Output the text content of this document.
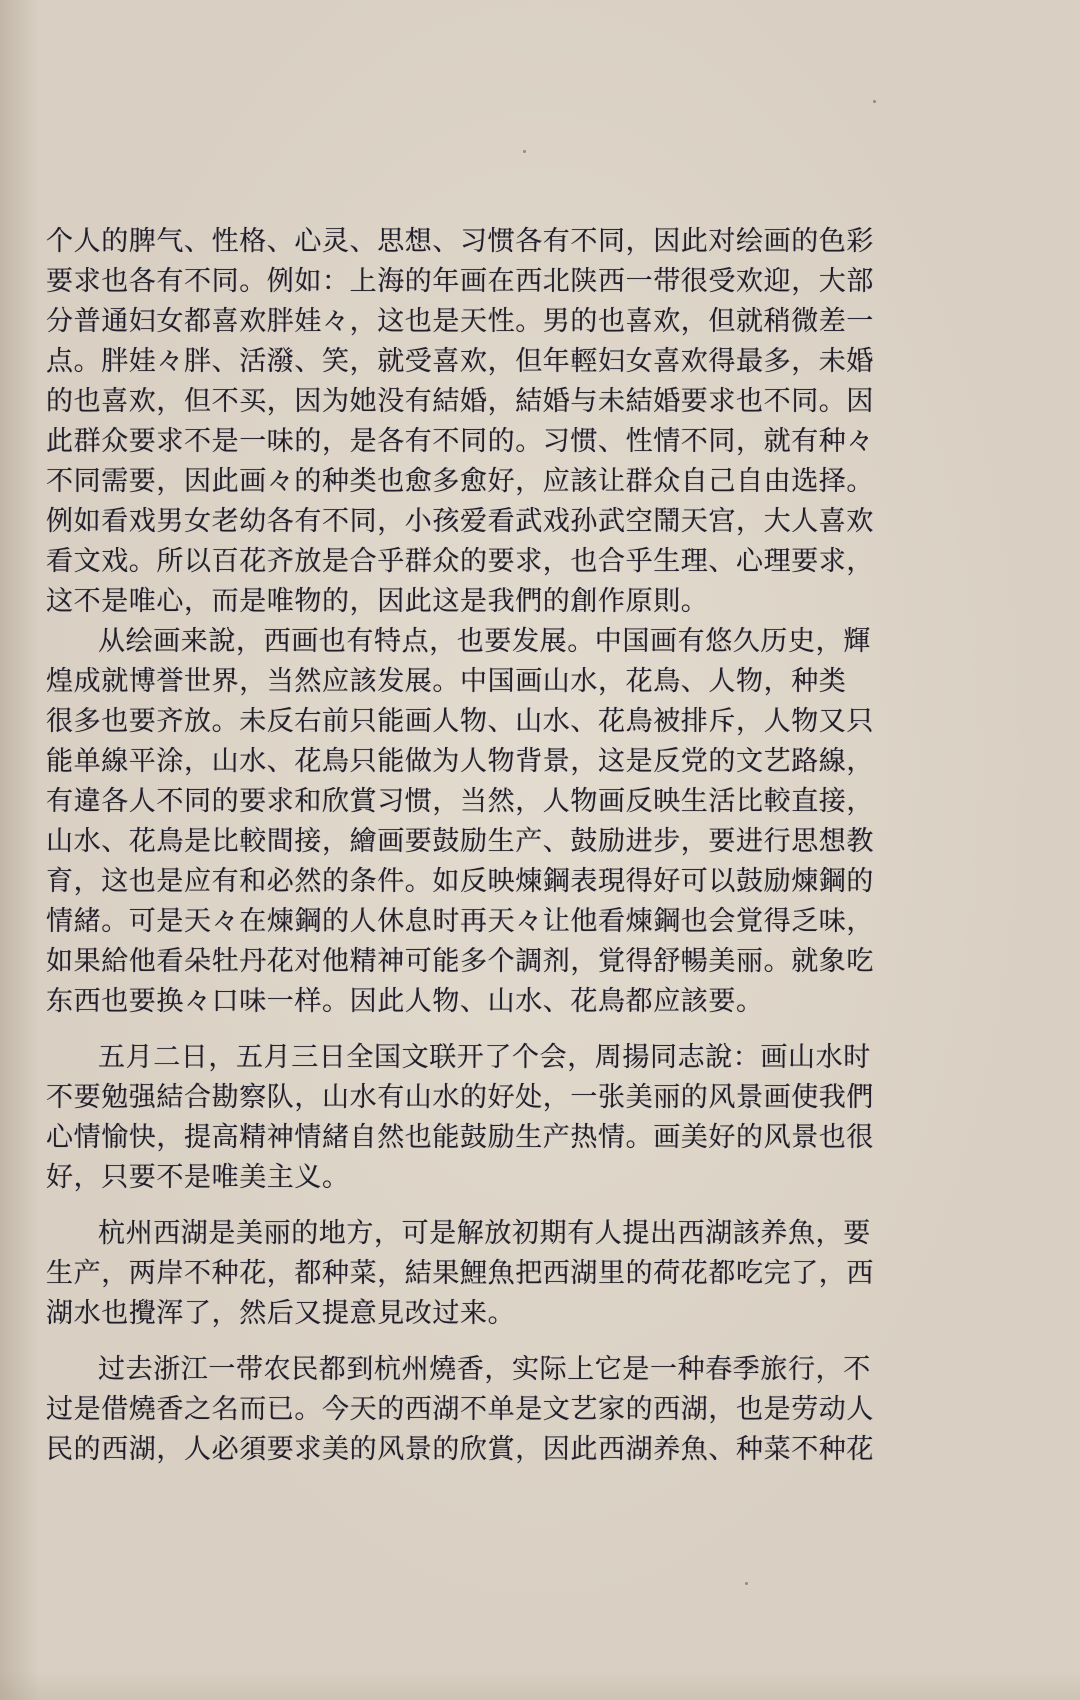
个人的脾气、性格、心灵、思想、习惯各有不同，因此对绘画的色彩
要求也各有不同。例如：上海的年画在西北陕西一带很受欢迎，大部
分普通妇女都喜欢胖娃々，这也是天性。男的也喜欢，但就稍微差一
点。胖娃々胖、活潑、笑，就受喜欢，但年輕妇女喜欢得最多，未婚
的也喜欢，但不买，因为她没有結婚，結婚与未結婚要求也不同。因
此群众要求不是一味的，是各有不同的。习惯、性情不同，就有种々
不同需要，因此画々的种类也愈多愈好，应該让群众自己自由选择。
例如看戏男女老幼各有不同，小孩爱看武戏孙武空鬧天宫，大人喜欢
看文戏。所以百花齐放是合乎群众的要求，也合乎生理、心理要求，
这不是唯心，而是唯物的，因此这是我們的創作原則。
从绘画来說，西画也有特点，也要发展。中国画有悠久历史，輝
煌成就博誉世界，当然应該发展。中国画山水，花鳥、人物，种类
很多也要齐放。未反右前只能画人物、山水、花鳥被排斥，人物又只
能单線平涂，山水、花鳥只能做为人物背景，这是反党的文艺路線，
有違各人不同的要求和欣賞习惯，当然，人物画反映生活比較直接，
山水、花鳥是比較間接，繪画要鼓励生产、鼓励进步，要进行思想教
育，这也是应有和必然的条件。如反映煉鋼表現得好可以鼓励煉鋼的
情緒。可是天々在煉鋼的人休息时再天々让他看煉鋼也会覚得乏味，
如果給他看朵牡丹花对他精神可能多个調剂，覚得舒暢美丽。就象吃
东西也要换々口味一样。因此人物、山水、花鳥都应該要。
五月二日，五月三日全国文联开了个会，周揚同志說：画山水时
不要勉强結合勘察队，山水有山水的好处，一张美丽的风景画使我們
心情愉快，提高精神情緒自然也能鼓励生产热情。画美好的风景也很
好，只要不是唯美主义。
杭州西湖是美丽的地方，可是解放初期有人提出西湖該养魚，要
生产，两岸不种花，都种菜，結果鯉魚把西湖里的荷花都吃完了，西
湖水也攪浑了，然后又提意見改过来。
过去浙江一带农民都到杭州燒香，实际上它是一种春季旅行，不
过是借燒香之名而已。今天的西湖不单是文艺家的西湖，也是劳动人
民的西湖，人必須要求美的风景的欣賞，因此西湖养魚、种菜不种花
